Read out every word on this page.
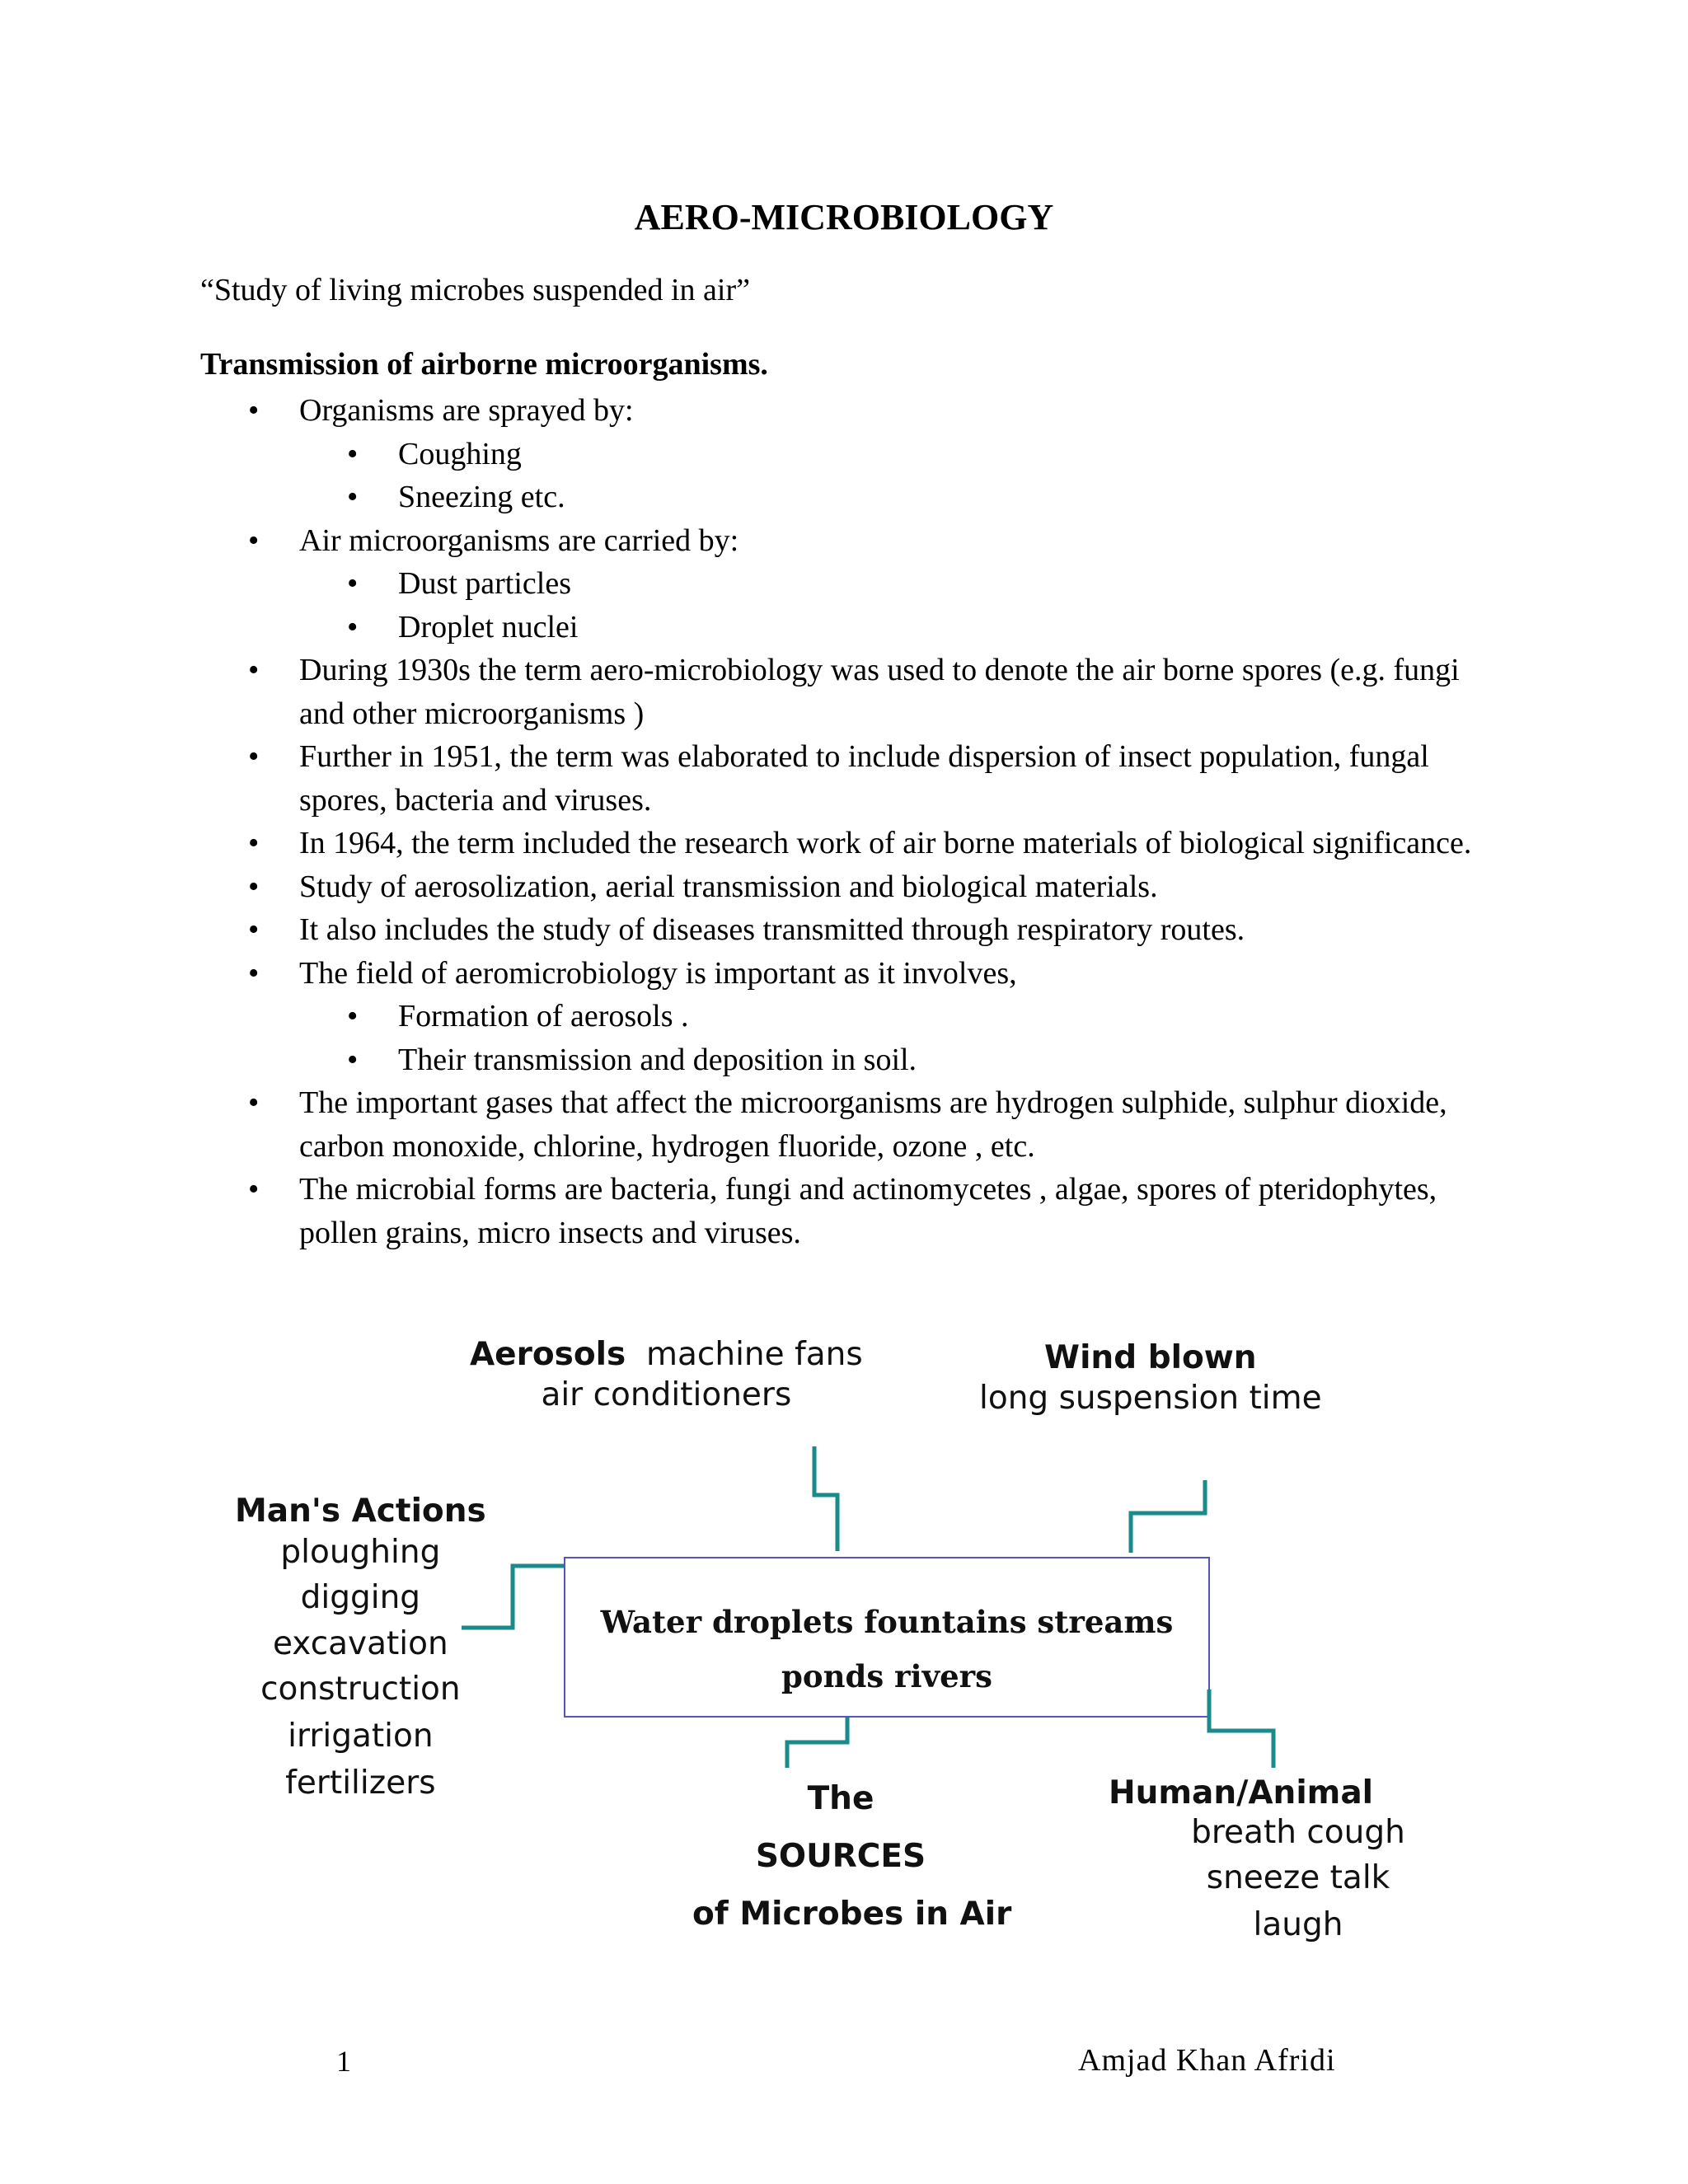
AERO-MICROBIOLOGY

“Study of living microbes suspended in air”

Transmission of airborne microorganisms.

• Organisms are sprayed by:
• Coughing
• Sneezing etc.
• Air microorganisms are carried by:
• Dust particles
• Droplet nuclei
• During 1930s the term aero-microbiology was used to denote the air borne spores (e.g. fungi and other microorganisms )
• Further in 1951, the term was elaborated to include dispersion of insect population, fungal spores, bacteria and viruses.
• In 1964, the term included the research work of air borne materials of biological significance.
• Study of aerosolization, aerial transmission and biological materials.
• It also includes the study of diseases transmitted through respiratory routes.
• The field of aeromicrobiology is important as it involves,
• Formation of aerosols .
• Their transmission and deposition in soil.
• The important gases that affect the microorganisms are hydrogen sulphide, sulphur dioxide, carbon monoxide, chlorine, hydrogen fluoride, ozone , etc.
• The microbial forms are bacteria, fungi and actinomycetes , algae, spores of pteridophytes, pollen grains, micro insects and viruses.
Aerosols machine fans
air conditioners
Wind blown
long suspension time
Man's Actions
ploughing
digging
excavation
construction
irrigation
fertilizers
Water droplets fountains streams
ponds rivers
The
SOURCES
of Microbes in Air
Human/Animal
breath cough
sneeze talk
laugh
1	Amjad Khan Afridi
